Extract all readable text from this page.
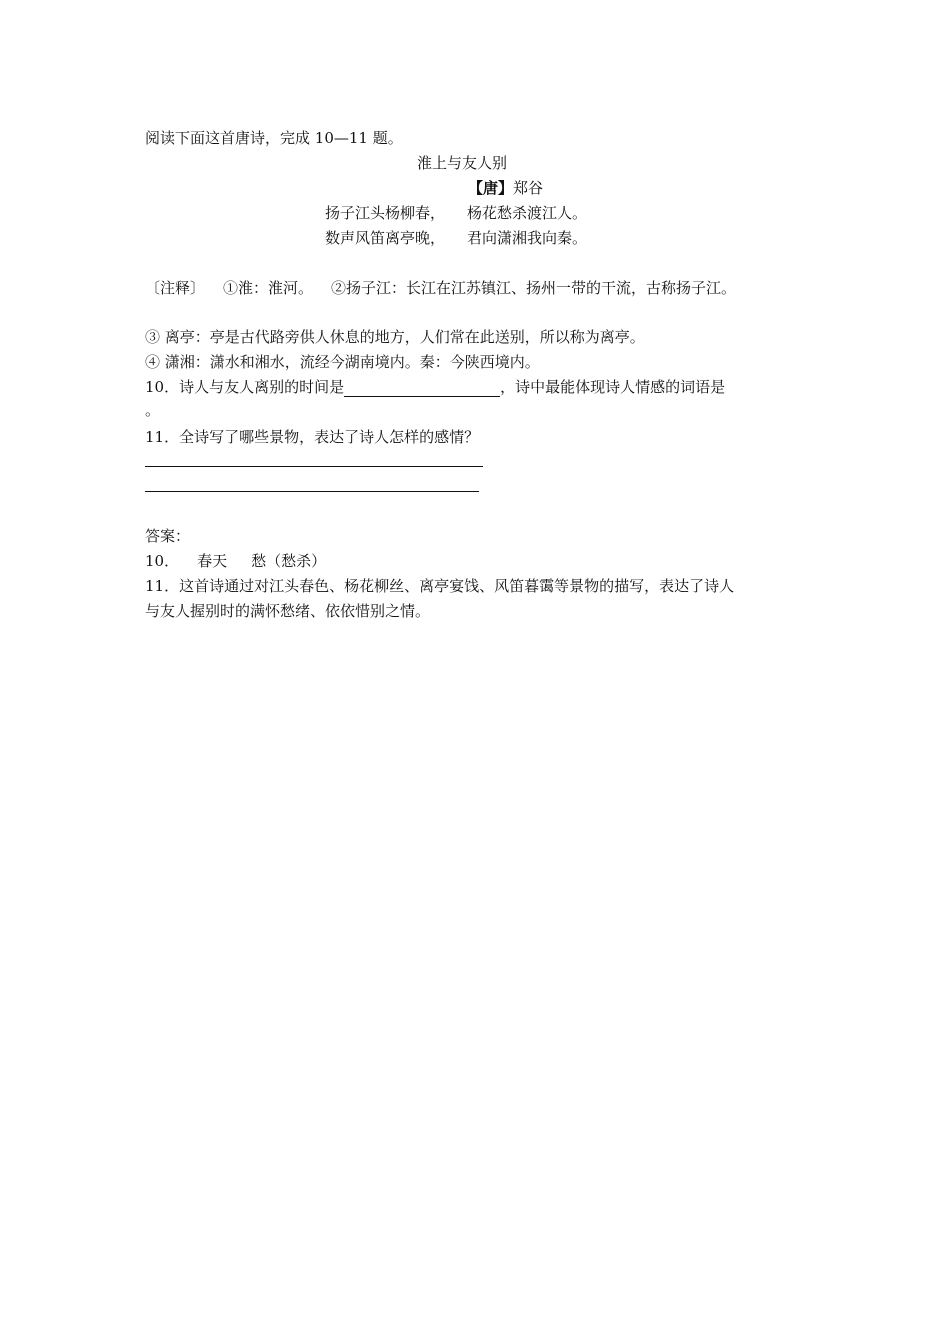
阅读下面这首唐诗，完成 10—11 题。
淮上与友人别
【唐】郑谷
扬子江头杨柳春， 杨花愁杀渡江人。
数声风笛离亭晚， 君向潇湘我向秦。
〔注释〕 ①淮：淮河。 ②扬子江：长江在江苏镇江、扬州一带的干流，古称扬子江。
③ 离亭：亭是古代路旁供人休息的地方，人们常在此送别，所以称为离亭。
④ 潇湘：潇水和湘水，流经今湖南境内。秦：今陕西境内。
10．诗人与友人离别的时间是	，诗中最能体现诗人情感的词语是
。
11．全诗写了哪些景物，表达了诗人怎样的感情？
答案：
10． 春天 愁（愁杀）
11．这首诗通过对江头春色、杨花柳丝、离亭宴饯、风笛暮霭等景物的描写，表达了诗人
与友人握别时的满怀愁绪、依依惜别之情。
